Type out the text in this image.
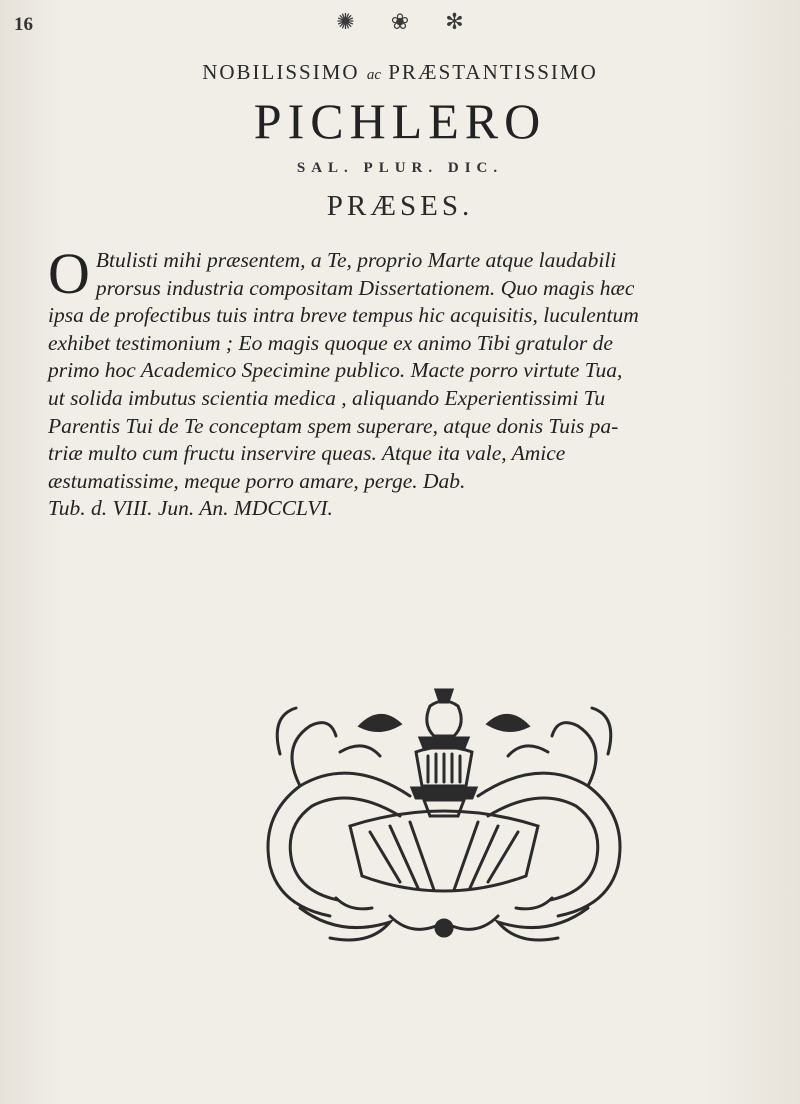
16	✺ ❀ ✻
NOBILISSIMO ac PRÆSTANTISSIMO
PICHLERO
SAL. PLUR. DIC.
PRÆSES.
O Btulisti mihi præsentem, a Te, proprio Marte atque laudabili
prorsus industria compositam Dissertationem. Quo magis hæc
ipsa de profectibus tuis intra breve tempus hic acquisitis, luculentum
exhibet testimonium ; Eo magis quoque ex animo Tibi gratulor de
primo hoc Academico Specimine publico. Macte porro virtute Tua,
ut solida imbutus scientia medica , aliquando Experientissimi Tu
Parentis Tui de Te conceptam spem superare, atque donis Tuis pa-
triæ multo cum fructu inservire queas. Atque ita vale, Amice
æstumatissime, meque porro amare, perge. Dab.
Tub. d. VIII. Jun. An. MDCCLVI.
